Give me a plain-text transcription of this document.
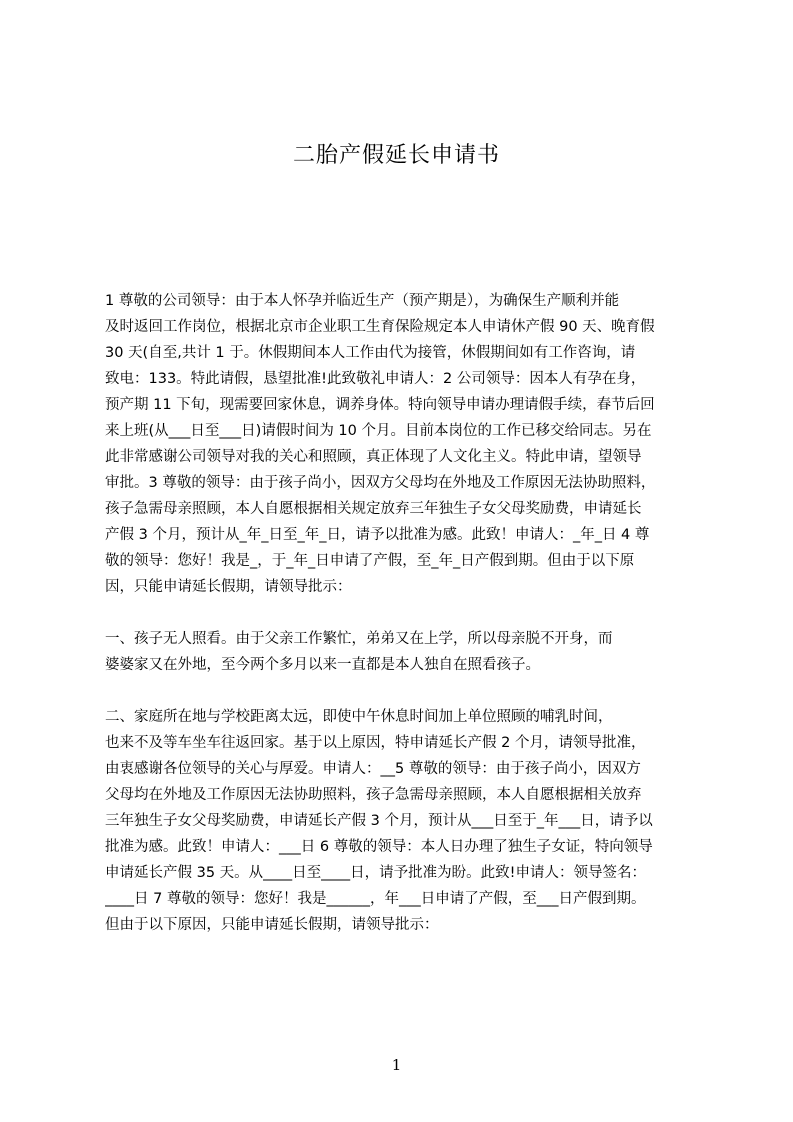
二胎产假延长申请书
1 尊敬的公司领导：由于本人怀孕并临近生产（预产期是），为确保生产顺利并能
及时返回工作岗位，根据北京市企业职工生育保险规定本人申请休产假 90 天、晚育假
30 天(自至,共计 1 于。休假期间本人工作由代为接管，休假期间如有工作咨询，请
致电：133。特此请假，恳望批准!此致敬礼申请人：2 公司领导：因本人有孕在身，
预产期 11 下旬，现需要回家休息，调养身体。特向领导申请办理请假手续，春节后回
来上班(从___日至___日)请假时间为 10 个月。目前本岗位的工作已移交给同志。另在
此非常感谢公司领导对我的关心和照顾，真正体现了人文化主义。特此申请，望领导
审批。3 尊敬的领导：由于孩子尚小，因双方父母均在外地及工作原因无法协助照料，
孩子急需母亲照顾，本人自愿根据相关规定放弃三年独生子女父母奖励费，申请延长
产假 3 个月，预计从_年_日至_年_日，请予以批准为感。此致！申请人：_年_日 4 尊
敬的领导：您好！我是_，于_年_日申请了产假，至_年_日产假到期。但由于以下原
因，只能申请延长假期，请领导批示：
一、孩子无人照看。由于父亲工作繁忙，弟弟又在上学，所以母亲脱不开身，而
婆婆家又在外地，至今两个多月以来一直都是本人独自在照看孩子。
二、家庭所在地与学校距离太远，即使中午休息时间加上单位照顾的哺乳时间，
也来不及等车坐车往返回家。基于以上原因，特申请延长产假 2 个月，请领导批准，
由衷感谢各位领导的关心与厚爱。申请人：__5 尊敬的领导：由于孩子尚小，因双方
父母均在外地及工作原因无法协助照料，孩子急需母亲照顾，本人自愿根据相关放弃
三年独生子女父母奖励费，申请延长产假 3 个月，预计从___日至于_年___日，请予以
批准为感。此致！申请人：___日 6 尊敬的领导：本人日办理了独生子女证，特向领导
申请延长产假 35 天。从____日至____日，请予批准为盼。此致!申请人：领导签名：
____日 7 尊敬的领导：您好！我是______，年___日申请了产假，至___日产假到期。
但由于以下原因，只能申请延长假期，请领导批示：
1
